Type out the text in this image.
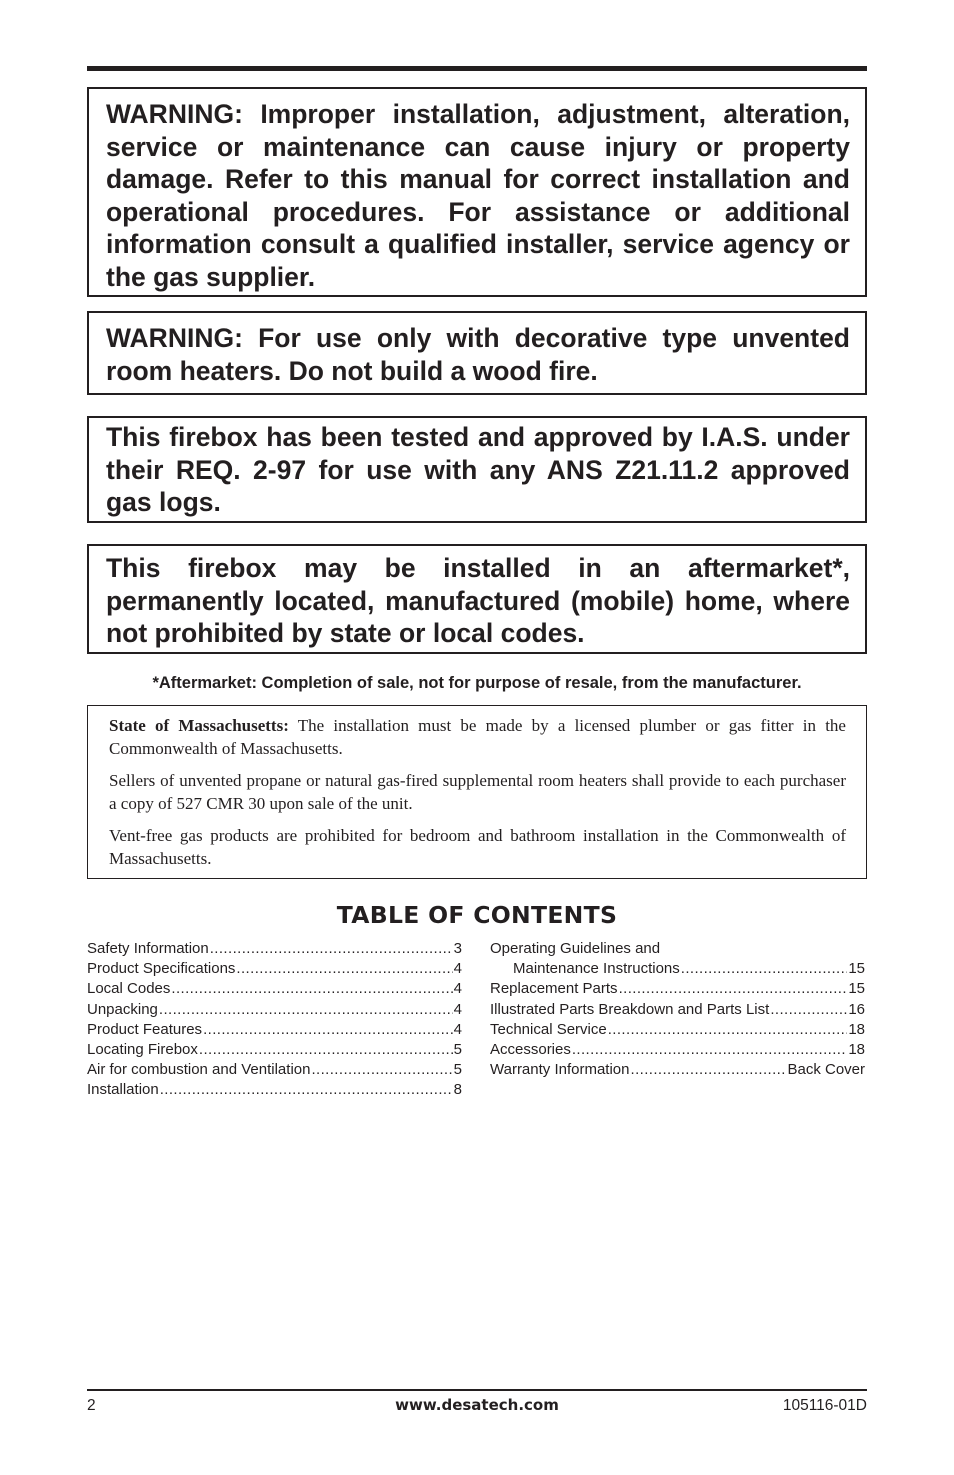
WARNING: Improper installation, adjustment, alteration, service or maintenance can cause injury or property damage. Refer to this manual for correct installation and operational procedures. For assistance or additional information consult a qualified installer, service agency or the gas supplier.

WARNING: For use only with decorative type unvented room heaters. Do not build a wood fire.

This firebox has been tested and approved by I.A.S. under their REQ. 2-97 for use with any ANS Z21.11.2 approved gas logs.

This firebox may be installed in an aftermarket*, permanently located, manufactured (mobile) home, where not prohibited by state or local codes.

*Aftermarket: Completion of sale, not for purpose of resale, from the manufacturer.

State of Massachusetts: The installation must be made by a licensed plumber or gas fitter in the Commonwealth of Massachusetts.

Sellers of unvented propane or natural gas-fired supplemental room heaters shall provide to each purchaser a copy of 527 CMR 30 upon sale of the unit.

Vent-free gas products are prohibited for bedroom and bathroom installation in the Commonwealth of Massachusetts.

TABLE OF CONTENTS
Safety Information .....	3
Product Specifications .....	4
Local Codes .....	4
Unpacking .....	4
Product Features .....	4
Locating Firebox .....	5
Air for combustion and Ventilation .....	5
Installation .....	8
Operating Guidelines and
Maintenance Instructions .....	15
Replacement Parts .....	15
Illustrated Parts Breakdown and Parts List .....	16
Technical Service .....	18
Accessories .....	18
Warranty Information .....	Back Cover
2	www.desatech.com	105116-01D
